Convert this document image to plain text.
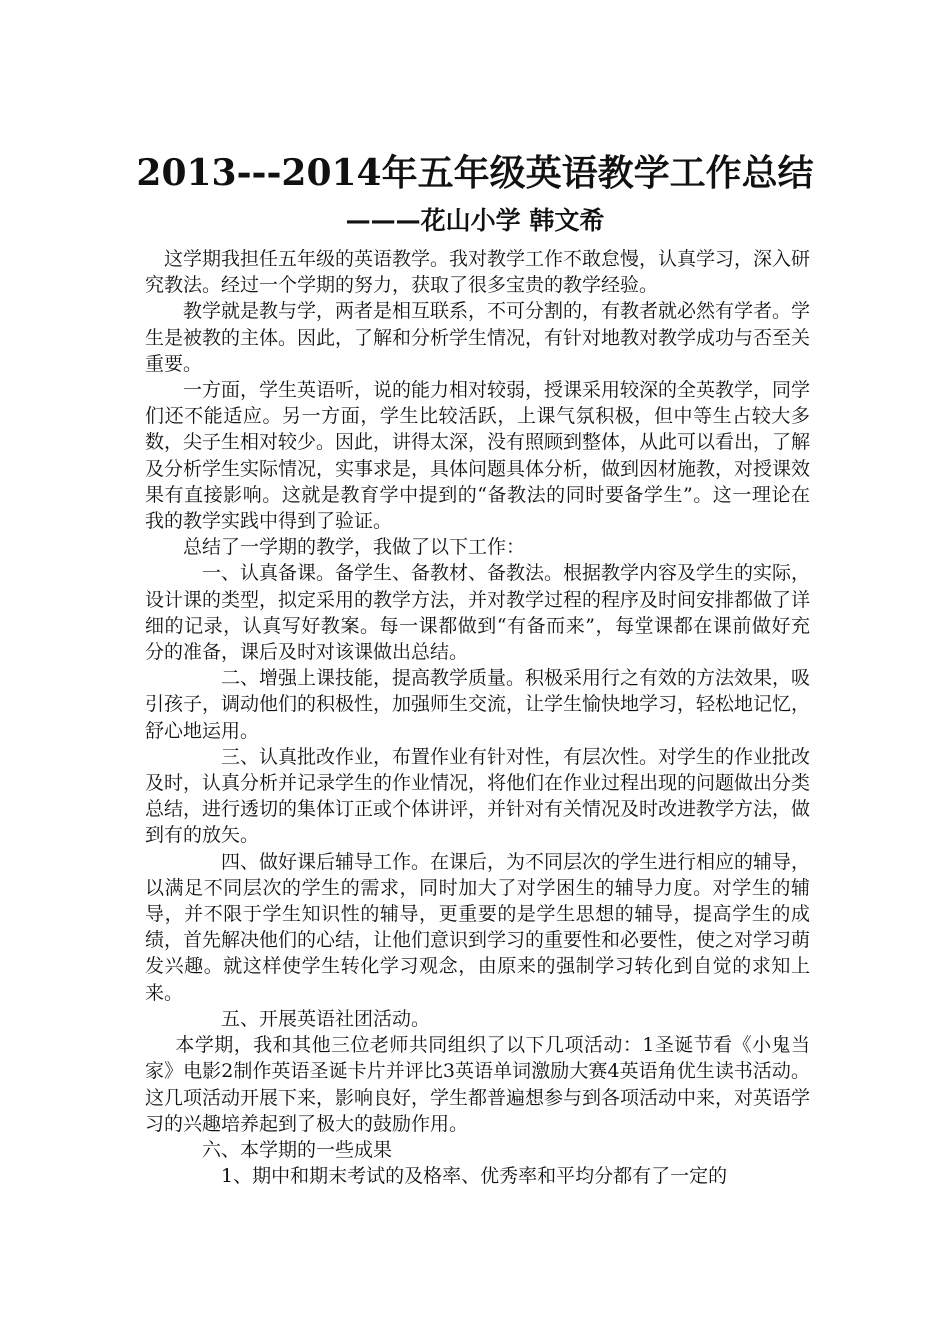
2013---2014年五年级英语教学工作总结
———花山小学 韩文希

这学期我担任五年级的英语教学。我对教学工作不敢怠慢，认真学习，深入研究教法。经过一个学期的努力，获取了很多宝贵的教学经验。

教学就是教与学，两者是相互联系，不可分割的，有教者就必然有学者。学生是被教的主体。因此，了解和分析学生情况，有针对地教对教学成功与否至关重要。

一方面，学生英语听，说的能力相对较弱，授课采用较深的全英教学，同学们还不能适应。另一方面，学生比较活跃，上课气氛积极，但中等生占较大多数，尖子生相对较少。因此，讲得太深，没有照顾到整体，从此可以看出，了解及分析学生实际情况，实事求是，具体问题具体分析，做到因材施教，对授课效果有直接影响。这就是教育学中提到的“备教法的同时要备学生”。这一理论在我的教学实践中得到了验证。

总结了一学期的教学，我做了以下工作：

一、认真备课。备学生、备教材、备教法。根据教学内容及学生的实际，设计课的类型，拟定采用的教学方法，并对教学过程的程序及时间安排都做了详细的记录，认真写好教案。每一课都做到“有备而来”，每堂课都在课前做好充分的准备，课后及时对该课做出总结。

二、增强上课技能，提高教学质量。积极采用行之有效的方法效果，吸引孩子，调动他们的积极性，加强师生交流，让学生愉快地学习，轻松地记忆，舒心地运用。

三、认真批改作业，布置作业有针对性，有层次性。对学生的作业批改及时，认真分析并记录学生的作业情况，将他们在作业过程出现的问题做出分类总结，进行透切的集体订正或个体讲评，并针对有关情况及时改进教学方法，做到有的放矢。

四、做好课后辅导工作。在课后，为不同层次的学生进行相应的辅导，以满足不同层次的学生的需求，同时加大了对学困生的辅导力度。对学生的辅导，并不限于学生知识性的辅导，更重要的是学生思想的辅导，提高学生的成绩，首先解决他们的心结，让他们意识到学习的重要性和必要性，使之对学习萌发兴趣。就这样使学生转化学习观念，由原来的强制学习转化到自觉的求知上来。

五、开展英语社团活动。

本学期，我和其他三位老师共同组织了以下几项活动：1圣诞节看《小鬼当家》电影2制作英语圣诞卡片并评比3英语单词激励大赛4英语角优生读书活动。这几项活动开展下来，影响良好，学生都普遍想参与到各项活动中来，对英语学习的兴趣培养起到了极大的鼓励作用。

六、本学期的一些成果

1、期中和期末考试的及格率、优秀率和平均分都有了一定的
